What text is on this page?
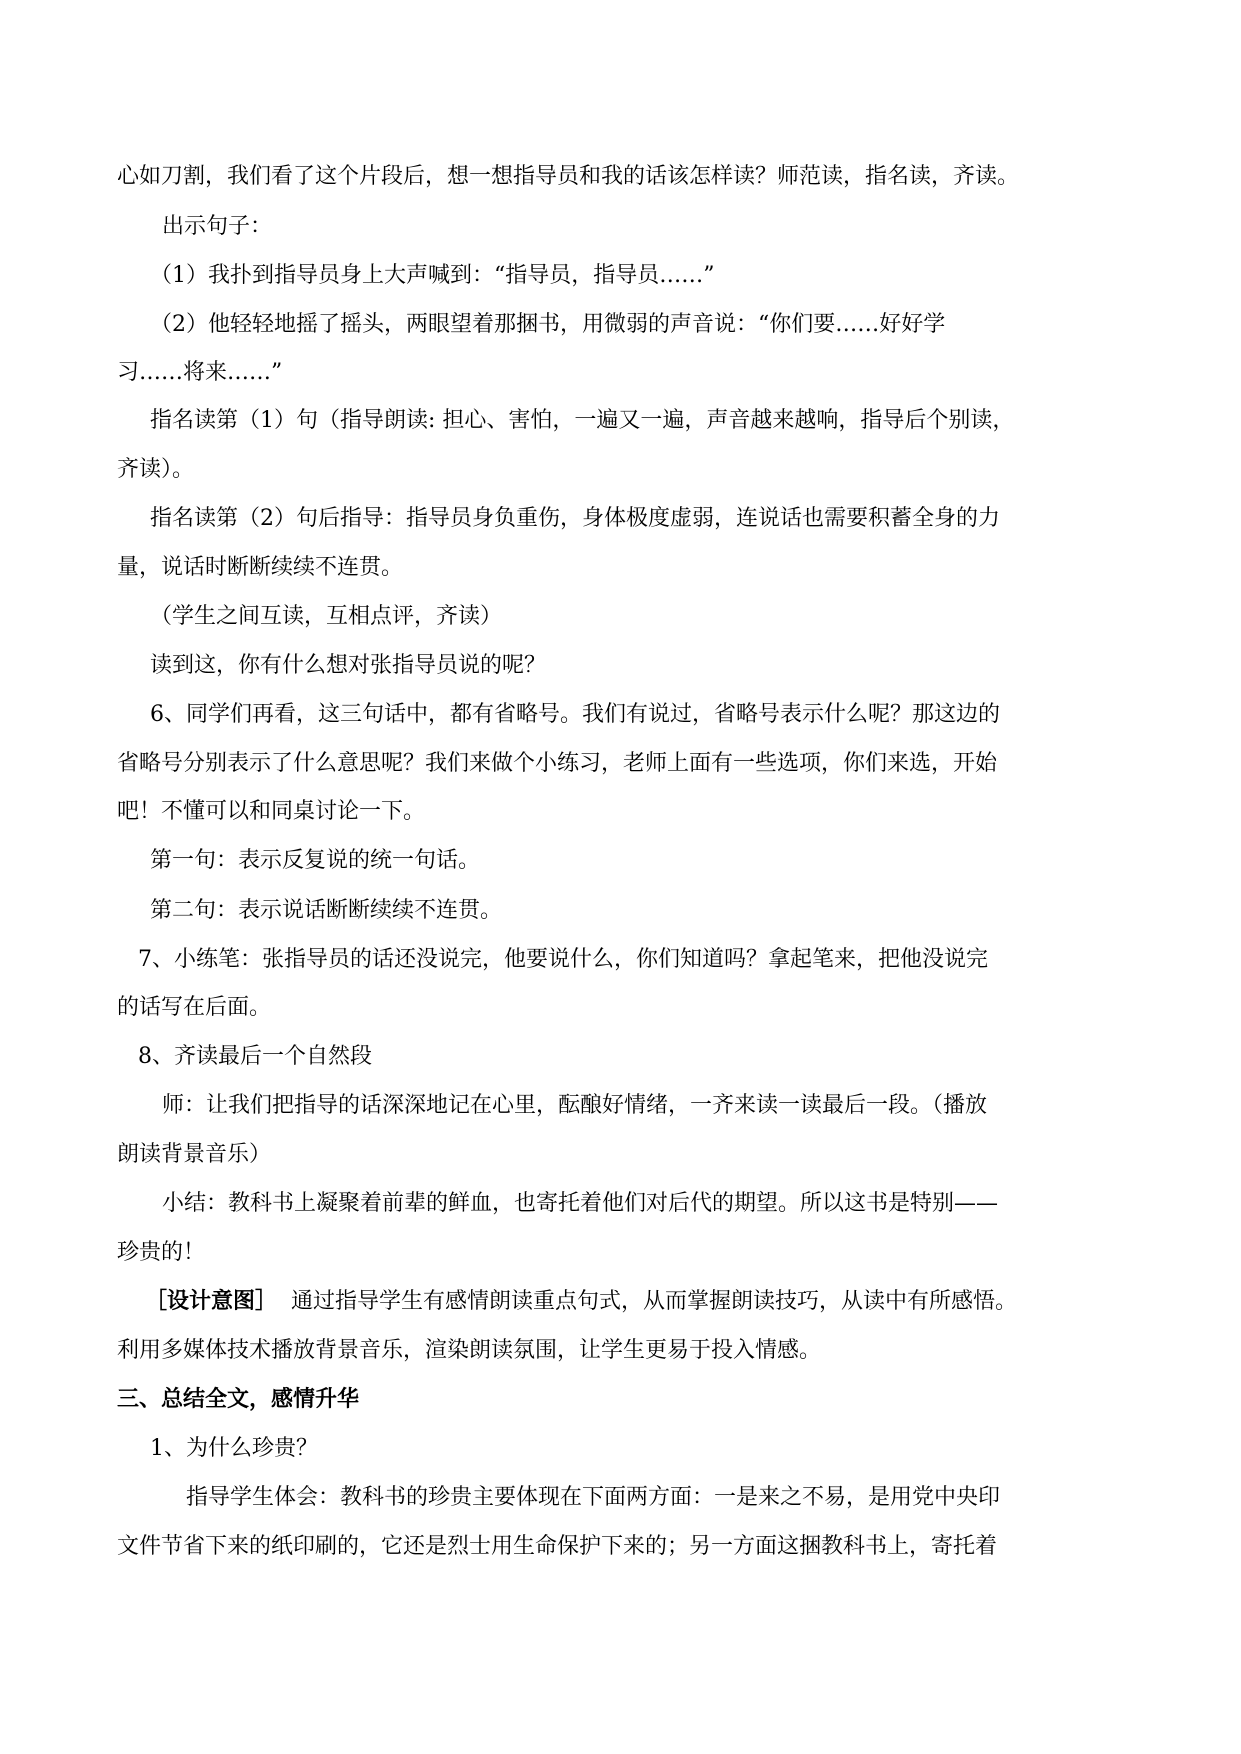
心如刀割，我们看了这个片段后，想一想指导员和我的话该怎样读？师范读，指名读，齐读。
出示句子：
（1）我扑到指导员身上大声喊到：“指导员，指导员……”
（2）他轻轻地摇了摇头，两眼望着那捆书，用微弱的声音说：“你们要……好好学
习……将来……”
指名读第（1）句（指导朗读: 担心、害怕，一遍又一遍，声音越来越响，指导后个别读，
齐读）。
指名读第（2）句后指导：指导员身负重伤，身体极度虚弱，连说话也需要积蓄全身的力
量，说话时断断续续不连贯。
（学生之间互读，互相点评，齐读）
读到这，你有什么想对张指导员说的呢？
6、同学们再看，这三句话中，都有省略号。我们有说过，省略号表示什么呢？那这边的
省略号分别表示了什么意思呢？我们来做个小练习，老师上面有一些选项，你们来选，开始
吧！不懂可以和同桌讨论一下。
第一句：表示反复说的统一句话。
第二句：表示说话断断续续不连贯。
7、小练笔：张指导员的话还没说完，他要说什么，你们知道吗？拿起笔来，把他没说完
的话写在后面。
8、齐读最后一个自然段
师：让我们把指导的话深深地记在心里，酝酿好情绪，一齐来读一读最后一段。（播放
朗读背景音乐）
小结：教科书上凝聚着前辈的鲜血，也寄托着他们对后代的期望。所以这书是特别——
珍贵的！
［设计意图］ 通过指导学生有感情朗读重点句式，从而掌握朗读技巧，从读中有所感悟。
利用多媒体技术播放背景音乐，渲染朗读氛围，让学生更易于投入情感。
三、总结全文，感情升华
1、为什么珍贵？
指导学生体会：教科书的珍贵主要体现在下面两方面：一是来之不易，是用党中央印
文件节省下来的纸印刷的，它还是烈士用生命保护下来的；另一方面这捆教科书上，寄托着
